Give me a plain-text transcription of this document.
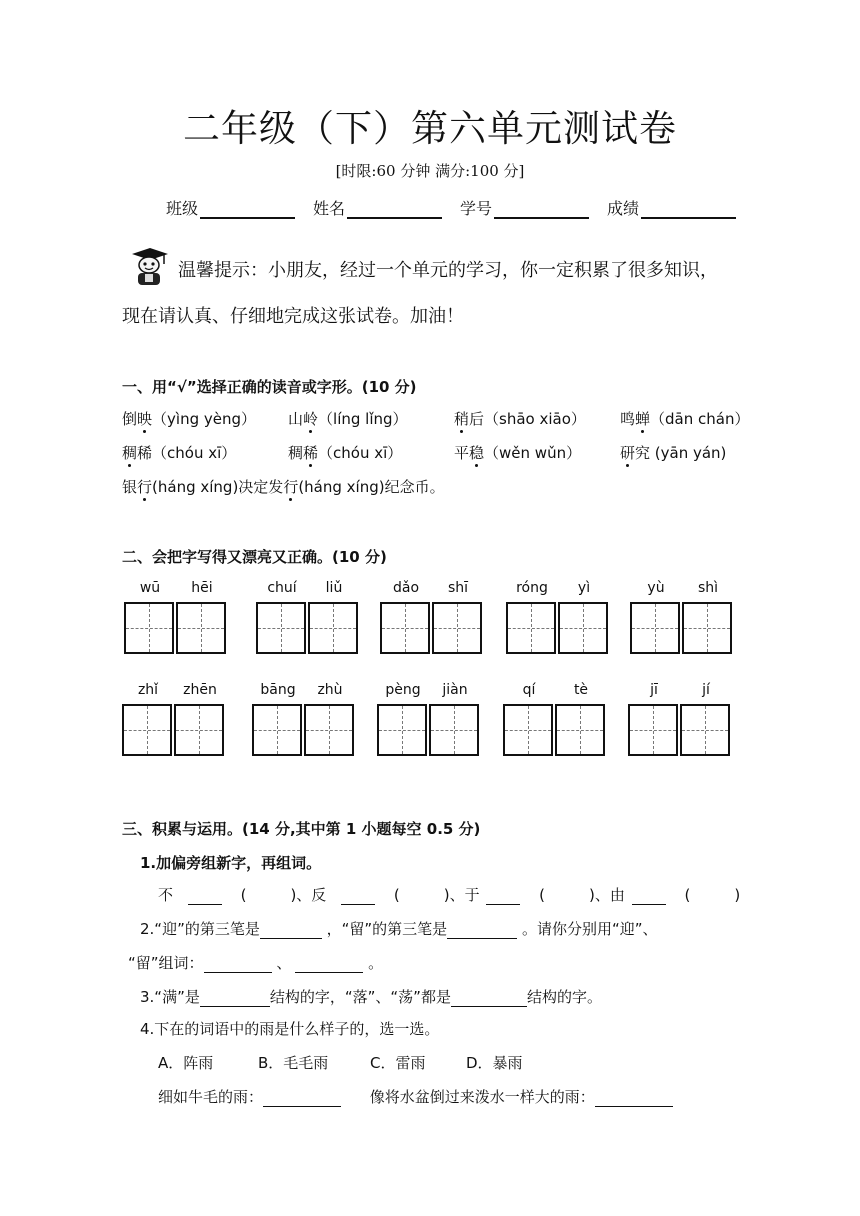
二年级（下）第六单元测试卷
[时限:60 分钟 满分:100 分]
班级	姓名	学号	成绩
温馨提示：小朋友，经过一个单元的学习，你一定积累了很多知识，
现在请认真、仔细地完成这张试卷。加油！
一、用“√”选择正确的读音或字形。(10 分)
倒映（yìng yèng） 山岭（líng lǐng）	稍后（shāo xiāo） 鸣蝉（dān chán）
稠稀（chóu xī）	稠稀（chóu xī）	平稳（wěn wǔn）	研究 (yān yán)
银行(háng xíng)决定发行(háng xíng)纪念币。
二、会把字写得又漂亮又正确。(10 分)
wū	hēi	chuí	liǔ	dǎo	shī	róng	yì	yù	shì
zhǐ	zhēn	bāng	zhù	pèng	jiàn	qí	tè	jī	jí
三、积累与运用。(14 分,其中第 1 小题每空 0.5 分)
1.加偏旁组新字，再组词。
不	(	)、反	(	)、于	(	)、由	(	)
2.“迎”的第三笔是	，“留”的第三笔是	。请你分别用“迎”、
“留”组词：	、	。
3.“满”是	结构的字，“落”、“荡”都是	结构的字。
4.下在的词语中的雨是什么样子的，选一选。
A．阵雨	B．毛毛雨	C．雷雨	D．暴雨
细如牛毛的雨：	像将水盆倒过来泼水一样大的雨：
